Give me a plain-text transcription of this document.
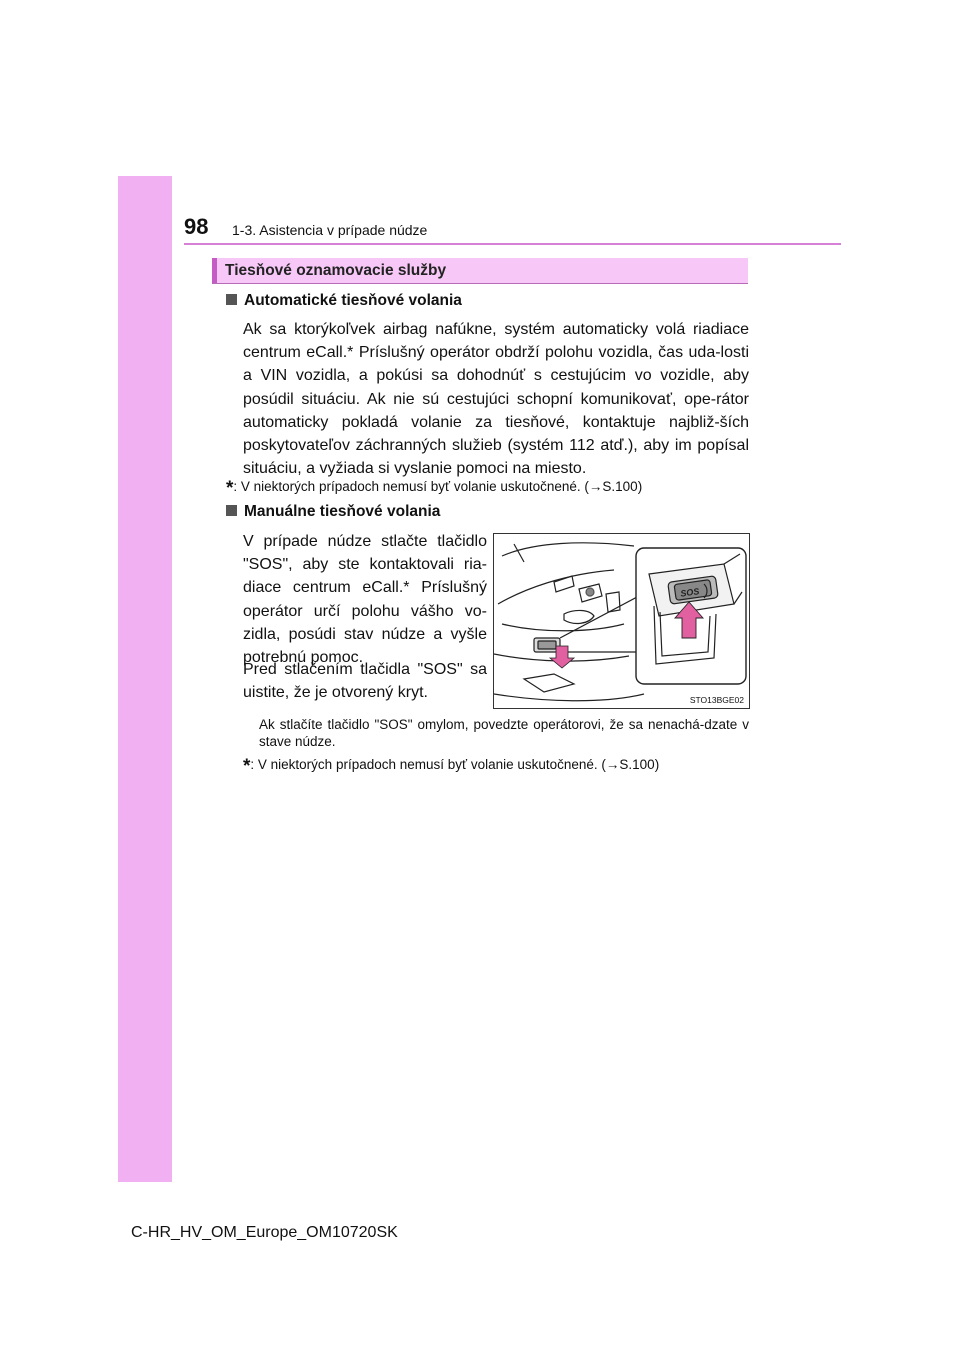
98 1-3. Asistencia v prípade núdze
Tiesňové oznamovacie služby
Automatické tiesňové volania

Ak sa ktorýkoľvek airbag nafúkne, systém automaticky volá riadiace centrum eCall.* Príslušný operátor obdrží polohu vozidla, čas uda-losti a VIN vozidla, a pokúsi sa dohodnúť s cestujúcim vo vozidle, aby posúdil situáciu. Ak nie sú cestujúci schopní komunikovať, ope-rátor automaticky pokladá volanie za tiesňové, kontaktuje najbliž-ších poskytovateľov záchranných služieb (systém 112 atď.), aby im popísal situáciu, a vyžiada si vyslanie pomoci na miesto.

*: V niektorých prípadoch nemusí byť volanie uskutočnené. (→S.100)
Manuálne tiesňové volania

V prípade núdze stlačte tlačidlo "SOS", aby ste kontaktovali ria-diace centrum eCall.* Príslušný operátor určí polohu vášho vo-zidla, posúdi stav núdze a vyšle potrebnú pomoc.

Pred stlačením tlačidla "SOS" sa uistite, že je otvorený kryt.

Ak stlačíte tlačidlo "SOS" omylom, povedzte operátorovi, že sa nenachá-dzate v stave núdze.

*: V niektorých prípadoch nemusí byť volanie uskutočnené. (→S.100)
SOS
STO13BGE02
C-HR_HV_OM_Europe_OM10720SK
